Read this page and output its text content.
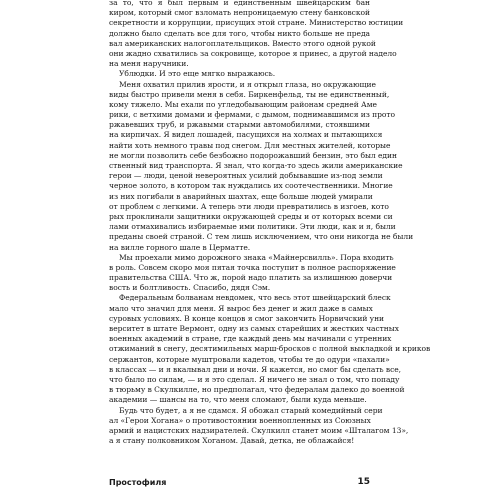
за то, что я был первым и единственным швейцарским бан
киром, который смог взломать непроницаемую стену банковской
секретности и коррупции, присущих этой стране. Министерство юстиции
должно было сделать все для того, чтобы никто больше не преда
вал американских налогоплательщиков. Вместо этого одной рукой
они жадно схватились за сокровище, которое я принес, а другой надело
на меня наручники.
Ублюдки. И это еще мягко выражаюсь.
Меня охватил прилив ярости, и я открыл глаза, но окружающие
виды быстро привели меня в себя. Биркенфельд, ты не единственный,
кому тяжело. Мы ехали по угледобывающим районам средней Аме
рики, с ветхими домами и фермами, с дымом, поднимавшимся из прото
ржавевших труб, и ржавыми старыми автомобилями, стоявшими
на кирпичах. Я видел лошадей, пасущихся на холмах и пытающихся
найти хоть немного травы под снегом. Для местных жителей, которые
не могли позволить себе безбожно подорожавший бензин, это был един
ственный вид транспорта. Я знал, что когда-то здесь жили американские
герои — люди, ценой невероятных усилий добывавшие из-под земли
черное золото, в котором так нуждались их соотечественники. Многие
из них погибали в аварийных шахтах, еще больше людей умирали
от проблем с легкими. А теперь эти люди превратились в изгоев, кото
рых проклинали защитники окружающей среды и от которых всеми си
лами отмахивались избираемые ими политики. Эти люди, как и я, были
преданы своей страной. С тем лишь исключением, что они никогда не были
на вилле горного шале в Церматте.
Мы проехали мимо дорожного знака «Майнерсвилль». Пора входить
в роль. Совсем скоро моя пятая точка поступит в полное распоряжение
правительства США. Что ж, порой надо платить за излишнюю доверчи
вость и болтливость. Спасибо, дядя Сэм.
Федеральным болванам невдомек, что весь этот швейцарский блеск
мало что значил для меня. Я вырос без денег и жил даже в самых
суровых условиях. В конце концов я смог закончить Норвичский уни
верситет в штате Вермонт, одну из самых старейших и жестких частных
военных академий в стране, где каждый день мы начинали с утренних
отжиманий в снегу, десятимильных марш-бросков с полной выкладкой и криков
сержантов, которые муштровали кадетов, чтобы те до одури «пахали»
в классах — и я вкалывал дни и ночи. Я кажется, но смог бы сделать все,
что было по силам, — и я это сделал. Я ничего не знал о том, что попаду
в тюрьму в Скулкилле, но предполагал, что федералам далеко до военной
академии — шансы на то, что меня сломают, были куда меньше.
Будь что будет, а я не сдамся. Я обожал старый комедийный сери
ал «Герои Хогана» о противостоянии военнопленных из Союзных
армий и нацистских надзирателей. Скулкилл станет моим «Шталагом 13»,
а я стану полковником Хоганом. Давай, детка, не облажайся!
Простофиля	15
